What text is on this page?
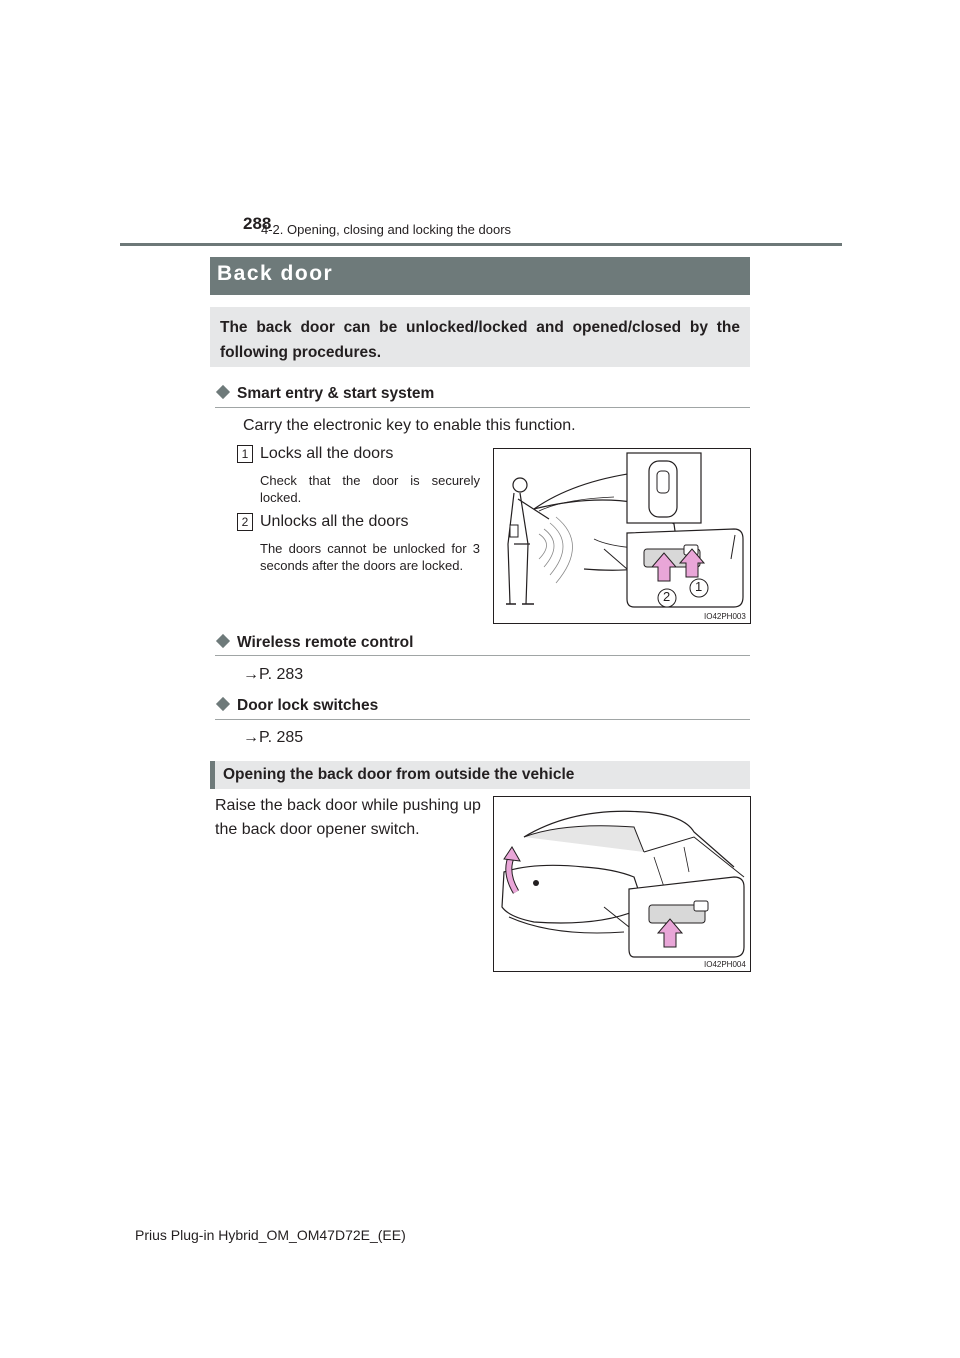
288
4-2. Opening, closing and locking the doors
Back door
The back door can be unlocked/locked and opened/closed by the following procedures.
Smart entry & start system
Carry the electronic key to enable this function.
1 Locks all the doors
Check that the door is securely locked.
2 Unlocks all the doors
The doors cannot be unlocked for 3 seconds after the doors are locked.
1
2
IO42PH003
Wireless remote control
→P. 283
Door lock switches
→P. 285
Opening the back door from outside the vehicle
Raise the back door while pushing up the back door opener switch.
IO42PH004
Prius Plug-in Hybrid_OM_OM47D72E_(EE)
